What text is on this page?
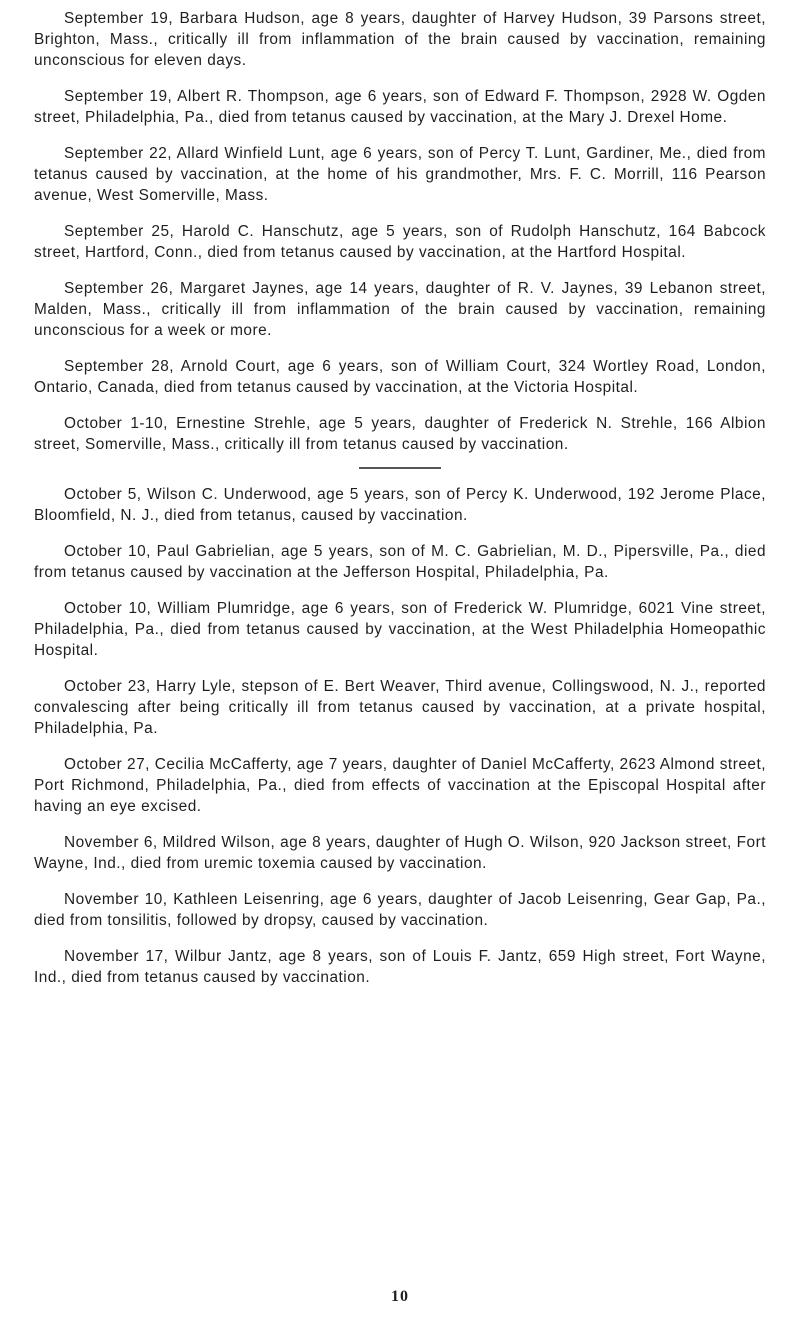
September 19, Barbara Hudson, age 8 years, daughter of Harvey Hudson, 39 Parsons street, Brighton, Mass., critically ill from inflammation of the brain caused by vaccination, remaining unconscious for eleven days.

September 19, Albert R. Thompson, age 6 years, son of Edward F. Thompson, 2928 W. Ogden street, Philadelphia, Pa., died from tetanus caused by vaccination, at the Mary J. Drexel Home.

September 22, Allard Winfield Lunt, age 6 years, son of Percy T. Lunt, Gardiner, Me., died from tetanus caused by vaccination, at the home of his grandmother, Mrs. F. C. Morrill, 116 Pearson avenue, West Somerville, Mass.

September 25, Harold C. Hanschutz, age 5 years, son of Rudolph Hanschutz, 164 Babcock street, Hartford, Conn., died from tetanus caused by vaccination, at the Hartford Hospital.

September 26, Margaret Jaynes, age 14 years, daughter of R. V. Jaynes, 39 Lebanon street, Malden, Mass., critically ill from inflammation of the brain caused by vaccination, remaining unconscious for a week or more.

September 28, Arnold Court, age 6 years, son of William Court, 324 Wortley Road, London, Ontario, Canada, died from tetanus caused by vaccination, at the Victoria Hospital.

October 1-10, Ernestine Strehle, age 5 years, daughter of Frederick N. Strehle, 166 Albion street, Somerville, Mass., critically ill from tetanus caused by vaccination.

October 5, Wilson C. Underwood, age 5 years, son of Percy K. Underwood, 192 Jerome Place, Bloomfield, N. J., died from tetanus, caused by vaccination.

October 10, Paul Gabrielian, age 5 years, son of M. C. Gabrielian, M. D., Pipersville, Pa., died from tetanus caused by vaccination at the Jefferson Hospital, Philadelphia, Pa.

October 10, William Plumridge, age 6 years, son of Frederick W. Plumridge, 6021 Vine street, Philadelphia, Pa., died from tetanus caused by vaccination, at the West Philadelphia Homeopathic Hospital.

October 23, Harry Lyle, stepson of E. Bert Weaver, Third avenue, Collingswood, N. J., reported convalescing after being critically ill from tetanus caused by vaccination, at a private hospital, Philadelphia, Pa.

October 27, Cecilia McCafferty, age 7 years, daughter of Daniel McCafferty, 2623 Almond street, Port Richmond, Philadelphia, Pa., died from effects of vaccination at the Episcopal Hospital after having an eye excised.

November 6, Mildred Wilson, age 8 years, daughter of Hugh O. Wilson, 920 Jackson street, Fort Wayne, Ind., died from uremic toxemia caused by vaccination.

November 10, Kathleen Leisenring, age 6 years, daughter of Jacob Leisenring, Gear Gap, Pa., died from tonsilitis, followed by dropsy, caused by vaccination.

November 17, Wilbur Jantz, age 8 years, son of Louis F. Jantz, 659 High street, Fort Wayne, Ind., died from tetanus caused by vaccination.

10
